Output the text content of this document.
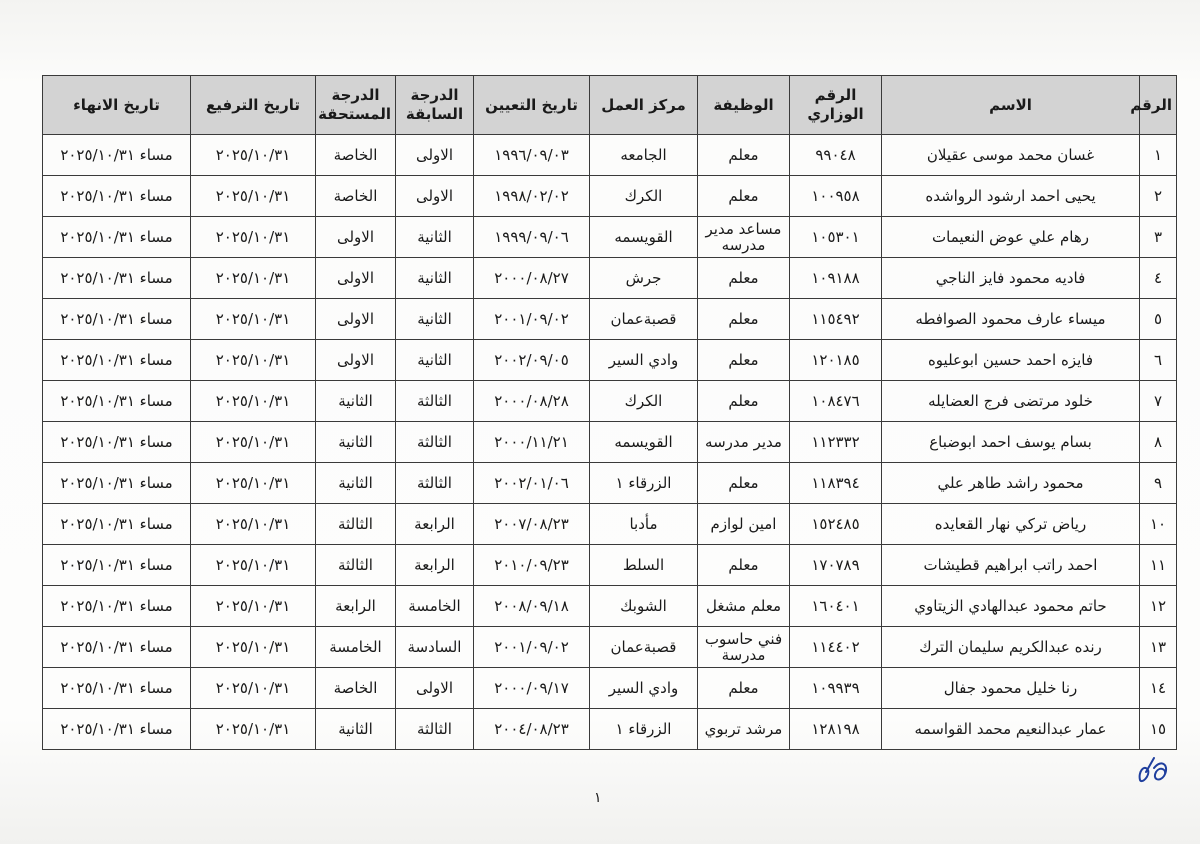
الرقم	الاسم	الرقم الوزاري	الوظيفة	مركز العمل	تاريخ التعيين	الدرجة السابقة	الدرجة المستحقة	تاريخ الترفيع	تاريخ الانهاء
١	غسان محمد موسى عقيلان	٩٩٠٤٨	معلم	الجامعه	١٩٩٦/٠٩/٠٣	الاولى	الخاصة	٢٠٢٥/١٠/٣١	مساء ٢٠٢٥/١٠/٣١
٢	يحيى احمد ارشود الرواشده	١٠٠٩٥٨	معلم	الكرك	١٩٩٨/٠٢/٠٢	الاولى	الخاصة	٢٠٢٥/١٠/٣١	مساء ٢٠٢٥/١٠/٣١
٣	رهام علي عوض النعيمات	١٠٥٣٠١	مساعد مدير مدرسه	القويسمه	١٩٩٩/٠٩/٠٦	الثانية	الاولى	٢٠٢٥/١٠/٣١	مساء ٢٠٢٥/١٠/٣١
٤	فاديه محمود فايز الناجي	١٠٩١٨٨	معلم	جرش	٢٠٠٠/٠٨/٢٧	الثانية	الاولى	٢٠٢٥/١٠/٣١	مساء ٢٠٢٥/١٠/٣١
٥	ميساء عارف محمود الصوافطه	١١٥٤٩٢	معلم	قصبةعمان	٢٠٠١/٠٩/٠٢	الثانية	الاولى	٢٠٢٥/١٠/٣١	مساء ٢٠٢٥/١٠/٣١
٦	فايزه احمد حسين ابوعليوه	١٢٠١٨٥	معلم	وادي السير	٢٠٠٢/٠٩/٠٥	الثانية	الاولى	٢٠٢٥/١٠/٣١	مساء ٢٠٢٥/١٠/٣١
٧	خلود مرتضى فرج العضايله	١٠٨٤٧٦	معلم	الكرك	٢٠٠٠/٠٨/٢٨	الثالثة	الثانية	٢٠٢٥/١٠/٣١	مساء ٢٠٢٥/١٠/٣١
٨	بسام يوسف احمد ابوضباع	١١٢٣٣٢	مدير مدرسه	القويسمه	٢٠٠٠/١١/٢١	الثالثة	الثانية	٢٠٢٥/١٠/٣١	مساء ٢٠٢٥/١٠/٣١
٩	محمود راشد طاهر علي	١١٨٣٩٤	معلم	الزرقاء ١	٢٠٠٢/٠١/٠٦	الثالثة	الثانية	٢٠٢٥/١٠/٣١	مساء ٢٠٢٥/١٠/٣١
١٠	رياض تركي نهار القعايده	١٥٢٤٨٥	امين لوازم	مأدبا	٢٠٠٧/٠٨/٢٣	الرابعة	الثالثة	٢٠٢٥/١٠/٣١	مساء ٢٠٢٥/١٠/٣١
١١	احمد راتب ابراهيم قطيشات	١٧٠٧٨٩	معلم	السلط	٢٠١٠/٠٩/٢٣	الرابعة	الثالثة	٢٠٢٥/١٠/٣١	مساء ٢٠٢٥/١٠/٣١
١٢	حاتم محمود عبدالهادي الزيتاوي	١٦٠٤٠١	معلم مشغل	الشوبك	٢٠٠٨/٠٩/١٨	الخامسة	الرابعة	٢٠٢٥/١٠/٣١	مساء ٢٠٢٥/١٠/٣١
١٣	رنده عبدالكريم سليمان الترك	١١٤٤٠٢	فني حاسوب مدرسة	قصبةعمان	٢٠٠١/٠٩/٠٢	السادسة	الخامسة	٢٠٢٥/١٠/٣١	مساء ٢٠٢٥/١٠/٣١
١٤	رنا خليل محمود جفال	١٠٩٩٣٩	معلم	وادي السير	٢٠٠٠/٠٩/١٧	الاولى	الخاصة	٢٠٢٥/١٠/٣١	مساء ٢٠٢٥/١٠/٣١
١٥	عمار عبدالنعيم محمد القواسمه	١٢٨١٩٨	مرشد تربوي	الزرقاء ١	٢٠٠٤/٠٨/٢٣	الثالثة	الثانية	٢٠٢٥/١٠/٣١	مساء ٢٠٢٥/١٠/٣١
١
